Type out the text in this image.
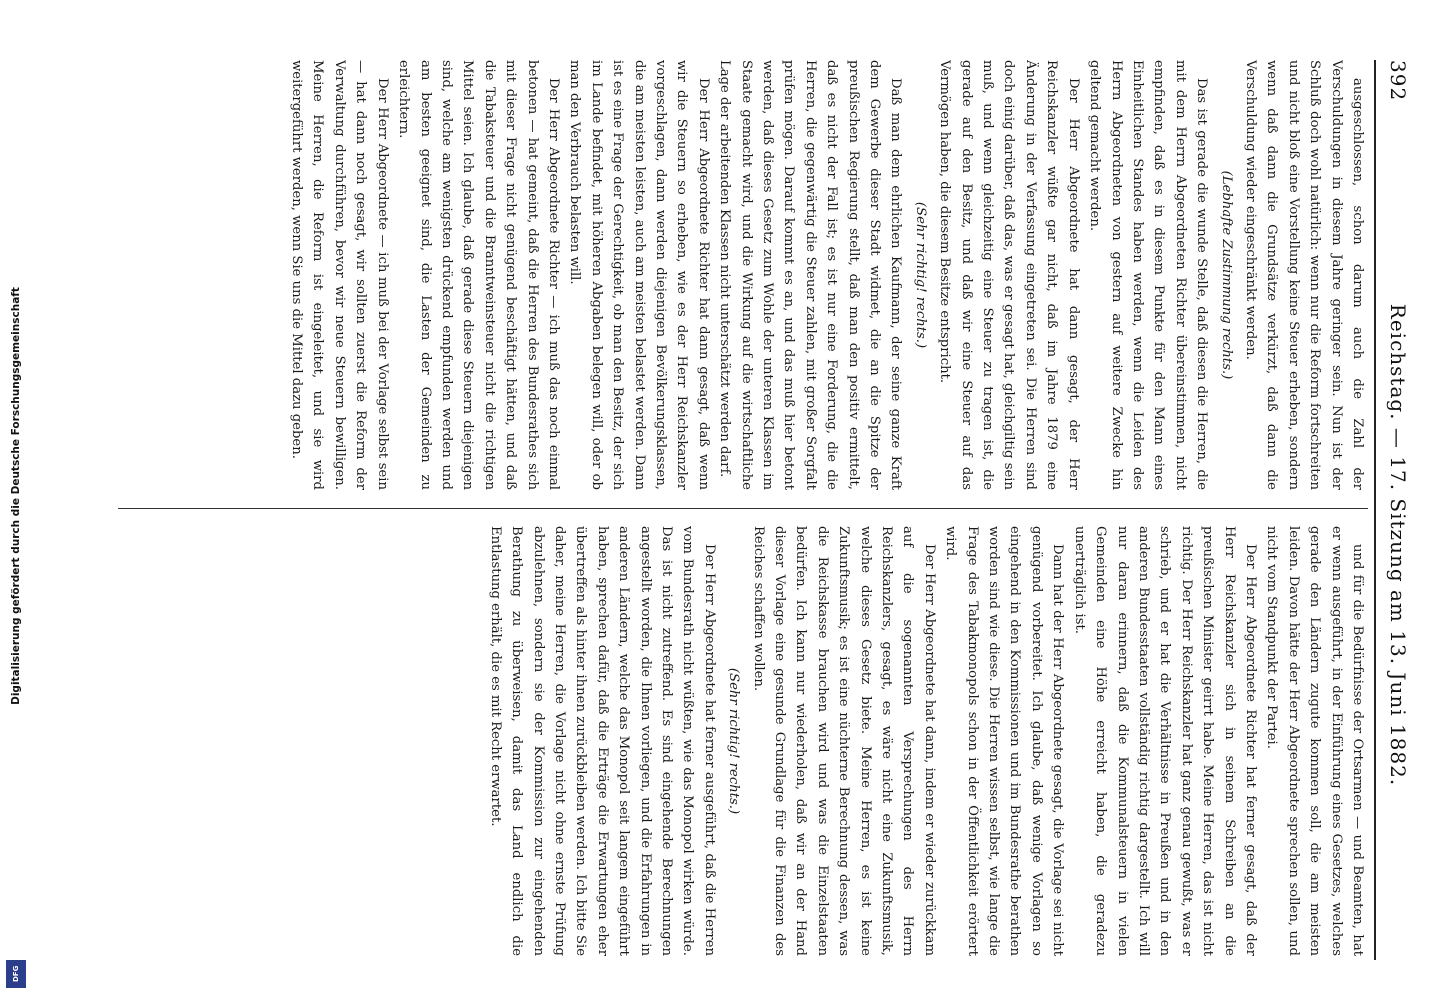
392
Reichstag. — 17. Sitzung am 13. Juni 1882.

ausgeschlossen, schon darum auch die Zahl der Verschuldungen in diesem Jahre geringer sein. Nun ist der Schluß doch wohl natürlich: wenn nur die Reform fortschreiten und nicht bloß eine Vorstellung keine Steuer erheben, sondern wenn daß dann die Grundsätze verkürzt, daß dann die Verschuldung wieder eingeschränkt werden.

(Lebhafte Zustimmung rechts.)

Das ist gerade die wunde Stelle, daß diesen die Herren, die mit dem Herrn Abgeordneten Richter übereinstimmen, nicht empfinden, daß es in diesem Punkte für den Mann eines Einheitlichen Standes haben werden, wenn die Leiden des Herrn Abgeordneten von gestern auf weitere Zwecke hin geltend gemacht werden.

Der Herr Abgeordnete hat dann gesagt, der Herr Reichskanzler wüßte gar nicht, daß im Jahre 1879 eine Änderung in der Verfassung eingetreten sei. Die Herren sind doch einig darüber, daß das, was er gesagt hat, gleichgiltig sein muß, und wenn gleichzeitig eine Steuer zu tragen ist, die gerade auf den Besitz, und daß wir eine Steuer auf das Vermögen haben, die diesem Besitze entspricht.

(Sehr richtig! rechts.)

Daß man dem ehrlichen Kaufmann, der seine ganze Kraft dem Gewerbe dieser Stadt widmet, die an die Spitze der preußischen Regierung stellt, daß man den positiv ermittelt, daß es nicht der Fall ist; es ist nur eine Forderung, die die Herren, die gegenwärtig die Steuer zahlen, mit großer Sorgfalt prüfen mögen. Darauf kommt es an, und das muß hier betont werden, daß dieses Gesetz zum Wohle der unteren Klassen im Staate gemacht wird, und die Wirkung auf die wirtschaftliche Lage der arbeitenden Klassen nicht unterschätzt werden darf.

Der Herr Abgeordnete Richter hat dann gesagt, daß wenn wir die Steuern so erheben, wie es der Herr Reichskanzler vorgeschlagen, dann werden diejenigen Bevölkerungsklassen, die am meisten leisten, auch am meisten belastet werden. Dann ist es eine Frage der Gerechtigkeit, ob man den Besitz, der sich im Lande befindet, mit höheren Abgaben belegen will, oder ob man den Verbrauch belasten will.

Der Herr Abgeordnete Richter — ich muß das noch einmal betonen — hat gemeint, daß die Herren des Bundesrathes sich mit dieser Frage nicht genügend beschäftigt hätten, und daß die Tabaksteuer und die Branntweinsteuer nicht die richtigen Mittel seien. Ich glaube, daß gerade diese Steuern diejenigen sind, welche am wenigsten drückend empfunden werden und am besten geeignet sind, die Lasten der Gemeinden zu erleichtern.

Der Herr Abgeordnete — ich muß bei der Vorlage selbst sein — hat dann noch gesagt, wir sollten zuerst die Reform der Verwaltung durchführen, bevor wir neue Steuern bewilligen. Meine Herren, die Reform ist eingeleitet, und sie wird weitergeführt werden, wenn Sie uns die Mittel dazu geben.

und für die Bedürfnisse der Ortsarmen — und Beamten, hat er wenn ausgeführt, in der Einführung eines Gesetzes, welches gerade den Ländern zugute kommen soll, die am meisten leiden. Davon hätte der Herr Abgeordnete sprechen sollen, und nicht vom Standpunkt der Partei.

Der Herr Abgeordnete Richter hat ferner gesagt, daß der Herr Reichskanzler sich in seinem Schreiben an die preußischen Minister geirrt habe. Meine Herren, das ist nicht richtig. Der Herr Reichskanzler hat ganz genau gewußt, was er schrieb, und er hat die Verhältnisse in Preußen und in den anderen Bundesstaaten vollständig richtig dargestellt. Ich will nur daran erinnern, daß die Kommunalsteuern in vielen Gemeinden eine Höhe erreicht haben, die geradezu unerträglich ist.

Dann hat der Herr Abgeordnete gesagt, die Vorlage sei nicht genügend vorbereitet. Ich glaube, daß wenige Vorlagen so eingehend in den Kommissionen und im Bundesrathe berathen worden sind wie diese. Die Herren wissen selbst, wie lange die Frage des Tabakmonopols schon in der Öffentlichkeit erörtert wird.

Der Herr Abgeordnete hat dann, indem er wieder zurückkam auf die sogenannten Versprechungen des Herrn Reichskanzlers, gesagt, es wäre nicht eine Zukunftsmusik, welche dieses Gesetz biete. Meine Herren, es ist keine Zukunftsmusik; es ist eine nüchterne Berechnung dessen, was die Reichskasse brauchen wird und was die Einzelstaaten bedürfen. Ich kann nur wiederholen, daß wir an der Hand dieser Vorlage eine gesunde Grundlage für die Finanzen des Reiches schaffen wollen.

(Sehr richtig! rechts.)

Der Herr Abgeordnete hat ferner ausgeführt, daß die Herren vom Bundesrath nicht wüßten, wie das Monopol wirken würde. Das ist nicht zutreffend. Es sind eingehende Berechnungen angestellt worden, die Ihnen vorliegen, und die Erfahrungen in anderen Ländern, welche das Monopol seit langem eingeführt haben, sprechen dafür, daß die Erträge die Erwartungen eher übertreffen als hinter ihnen zurückbleiben werden. Ich bitte Sie daher, meine Herren, die Vorlage nicht ohne ernste Prüfung abzulehnen, sondern sie der Kommission zur eingehenden Berathung zu überweisen, damit das Land endlich die Entlastung erhält, die es mit Recht erwartet.

Digitalisierung gefördert durch die Deutsche Forschungsgemeinschaft
DFG
